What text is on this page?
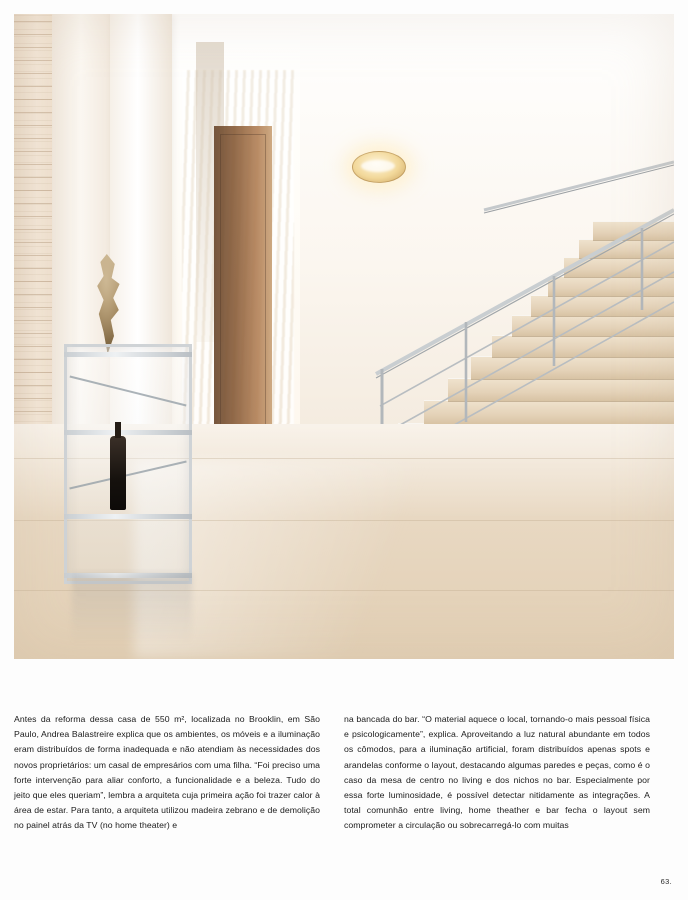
Antes da reforma dessa casa de 550 m², localizada no Brooklin, em São Paulo, Andrea Balastreire explica que os ambientes, os móveis e a iluminação eram distribuídos de forma inadequada e não atendiam às necessidades dos novos proprietários: um casal de empresários com uma filha. “Foi preciso uma forte intervenção para aliar conforto, a funcionalidade e a beleza. Tudo do jeito que eles queriam”, lembra a arquiteta cuja primeira ação foi trazer calor à área de estar. Para tanto, a arquiteta utilizou madeira zebrano e de demolição no painel atrás da TV (no home theater) e

na bancada do bar. “O material aquece o local, tornando-o mais pessoal física e psicologicamente”, explica. Aproveitando a luz natural abundante em todos os cômodos, para a iluminação artificial, foram distribuídos apenas spots e arandelas conforme o layout, destacando algumas paredes e peças, como é o caso da mesa de centro no living e dos nichos no bar. Especialmente por essa forte luminosidade, é possível detectar nitidamente as integrações. A total comunhão entre living, home theather e bar fecha o layout sem comprometer a circulação ou sobrecarregá-lo com muitas

63.
